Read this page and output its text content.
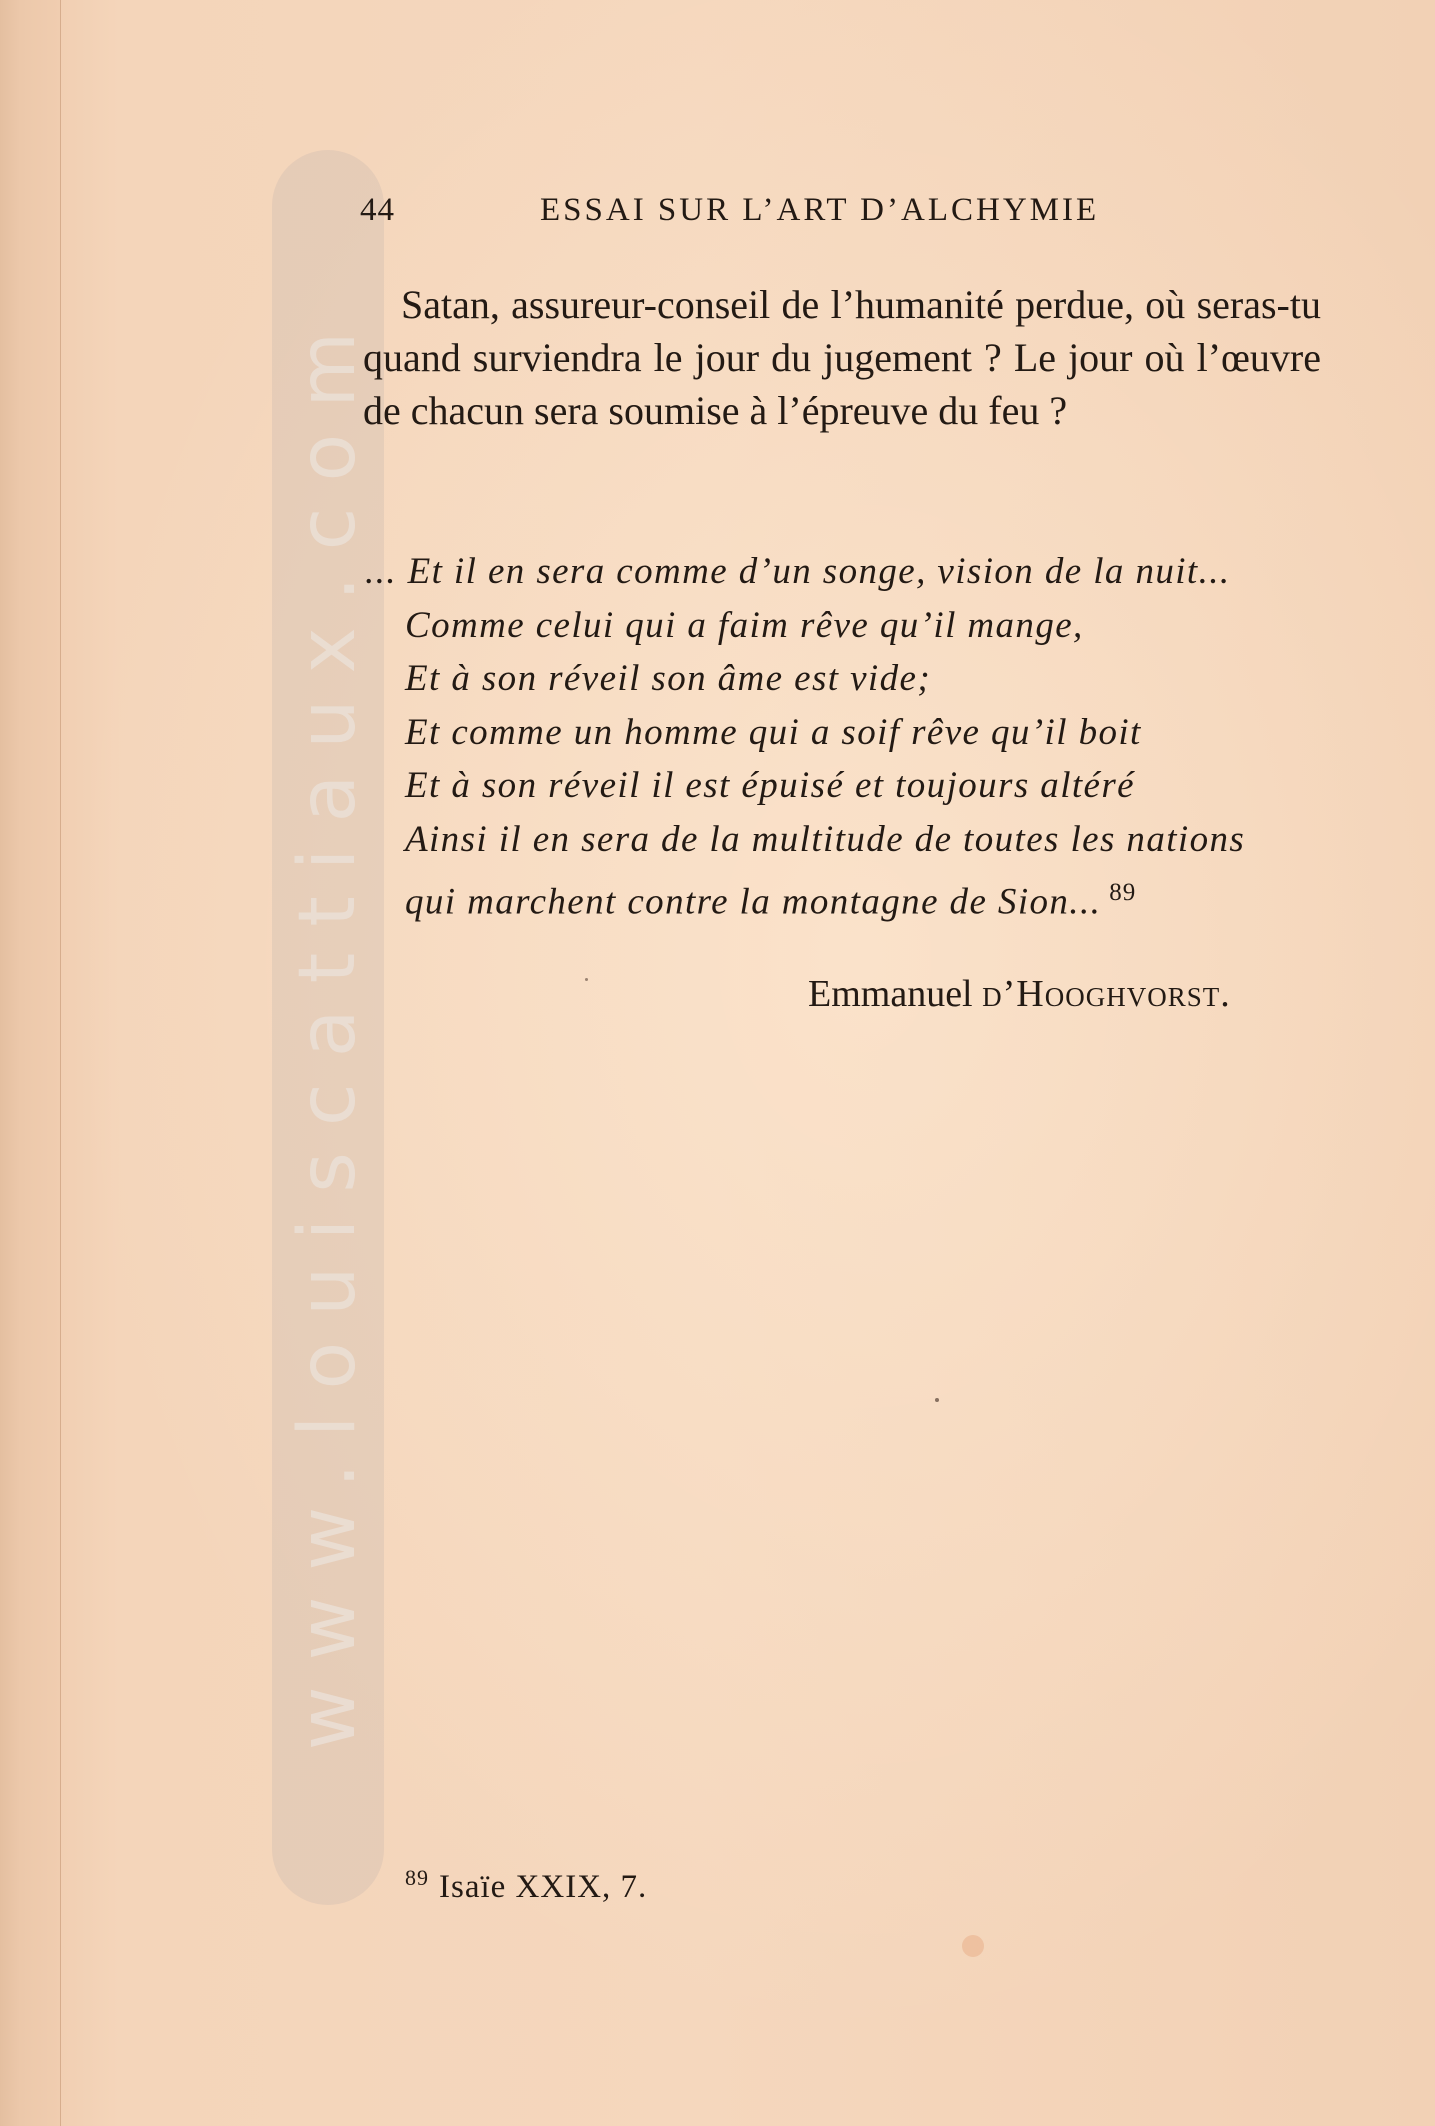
www.louiscattiaux.com
44	ESSAI SUR L’ART D’ALCHYMIE

Satan, assureur-conseil de l’humanité perdue, où seras-tu quand surviendra le jour du jugement ? Le jour où l’œuvre de chacun sera soumise à l’épreuve du feu ?

... Et il en sera comme d’un songe, vision de la nuit...
Comme celui qui a faim rêve qu’il mange,
Et à son réveil son âme est vide;
Et comme un homme qui a soif rêve qu’il boit
Et à son réveil il est épuisé et toujours altéré
Ainsi il en sera de la multitude de toutes les nations
qui marchent contre la montagne de Sion... $^{89}$
Emmanuel d’Hooghvorst.
$^{89}$ Isaïe XXIX, 7.
